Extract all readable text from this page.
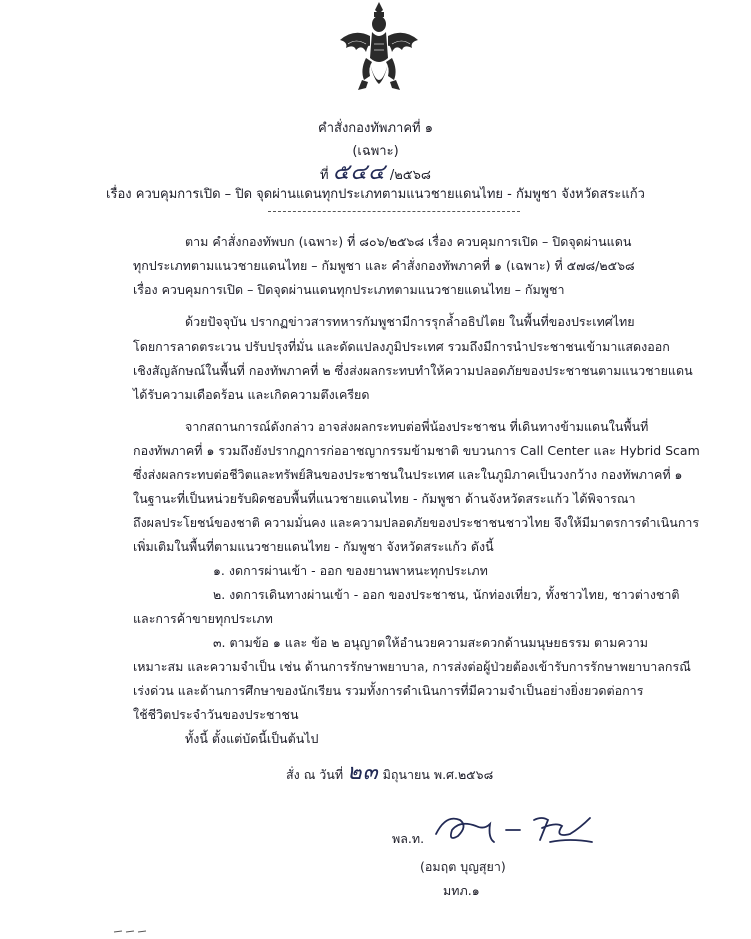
คำสั่งกองทัพภาคที่ ๑
(เฉพาะ)
ที่ ๕๔๔ /๒๕๖๘
เรื่อง ควบคุมการเปิด – ปิด จุดผ่านแดนทุกประเภทตามแนวชายแดนไทย - กัมพูชา จังหวัดสระแก้ว
ตาม คำสั่งกองทัพบก (เฉพาะ) ที่ ๘๐๖/๒๕๖๘ เรื่อง ควบคุมการเปิด – ปิดจุดผ่านแดน
ทุกประเภทตามแนวชายแดนไทย – กัมพูชา และ คำสั่งกองทัพภาคที่ ๑ (เฉพาะ) ที่ ๕๗๘/๒๕๖๘
เรื่อง ควบคุมการเปิด – ปิดจุดผ่านแดนทุกประเภทตามแนวชายแดนไทย – กัมพูชา
ด้วยปัจจุบัน ปรากฏข่าวสารทหารกัมพูชามีการรุกล้ำอธิปไตย ในพื้นที่ของประเทศไทย
โดยการลาดตระเวน ปรับปรุงที่มั่น และดัดแปลงภูมิประเทศ รวมถึงมีการนำประชาชนเข้ามาแสดงออก
เชิงสัญลักษณ์ในพื้นที่ กองทัพภาคที่ ๒ ซึ่งส่งผลกระทบทำให้ความปลอดภัยของประชาชนตามแนวชายแดน
ได้รับความเดือดร้อน และเกิดความตึงเครียด
จากสถานการณ์ดังกล่าว อาจส่งผลกระทบต่อพี่น้องประชาชน ที่เดินทางข้ามแดนในพื้นที่
กองทัพภาคที่ ๑ รวมถึงยังปรากฏการก่ออาชญากรรมข้ามชาติ ขบวนการ Call Center และ Hybrid Scam
ซึ่งส่งผลกระทบต่อชีวิตและทรัพย์สินของประชาชนในประเทศ และในภูมิภาคเป็นวงกว้าง กองทัพภาคที่ ๑
ในฐานะที่เป็นหน่วยรับผิดชอบพื้นที่แนวชายแดนไทย - กัมพูชา ด้านจังหวัดสระแก้ว ได้พิจารณา
ถึงผลประโยชน์ของชาติ ความมั่นคง และความปลอดภัยของประชาชนชาวไทย จึงให้มีมาตรการดำเนินการ
เพิ่มเติมในพื้นที่ตามแนวชายแดนไทย - กัมพูชา จังหวัดสระแก้ว ดังนี้
๑. งดการผ่านเข้า - ออก ของยานพาหนะทุกประเภท
๒. งดการเดินทางผ่านเข้า - ออก ของประชาชน, นักท่องเที่ยว, ทั้งชาวไทย, ชาวต่างชาติ
และการค้าขายทุกประเภท
๓. ตามข้อ ๑ และ ข้อ ๒ อนุญาตให้อำนวยความสะดวกด้านมนุษยธรรม ตามความ
เหมาะสม และความจำเป็น เช่น ด้านการรักษาพยาบาล, การส่งต่อผู้ป่วยต้องเข้ารับการรักษาพยาบาลกรณี
เร่งด่วน และด้านการศึกษาของนักเรียน รวมทั้งการดำเนินการที่มีความจำเป็นอย่างยิ่งยวดต่อการ
ใช้ชีวิตประจำวันของประชาชน
ทั้งนี้ ตั้งแต่บัดนี้เป็นต้นไป
สั่ง ณ วันที่ ๒๓ มิถุนายน พ.ศ.๒๕๖๘
พล.ท.
(อมฤต บุญสุยา)
มทภ.๑
